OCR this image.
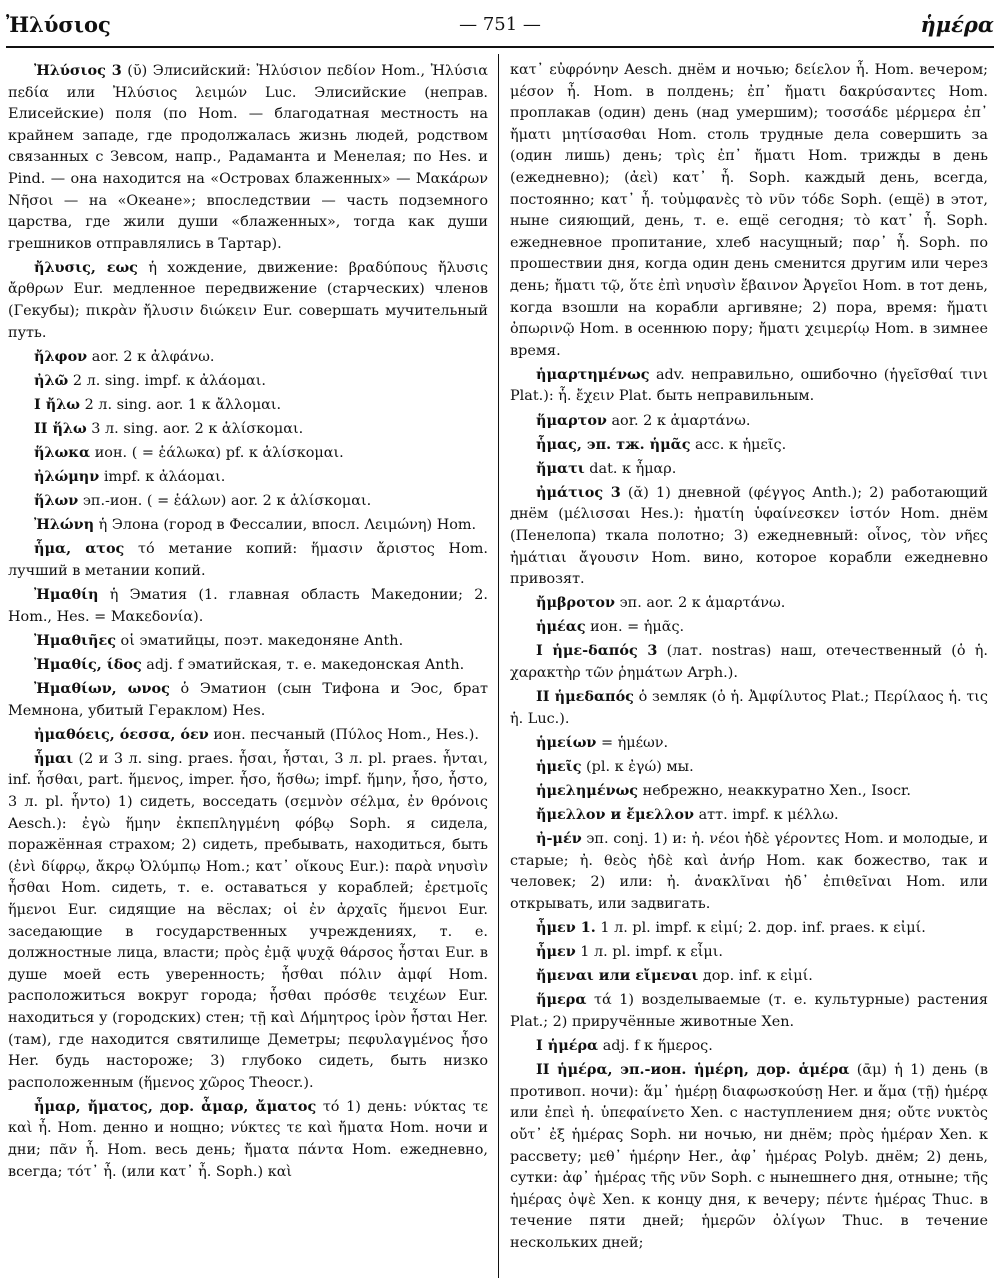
Ἠλύσιος	— 751 —	ἡμέρα

Ἠλύσιος 3 (ῠ) Элисийский: Ἠλύσιον πεδίον Hom., Ἠλύσια πεδία или Ἠλύσιος λειμών Luc. Элисийские (неправ. Елисейские) поля (по Hom. — благодатная местность на крайнем западе, где продолжалась жизнь людей, родством связанных с Зевсом, напр., Радаманта и Менелая; по Hes. и Pind. — она находится на «Островах блаженных» — Μακάρων Νῆσοι — на «Океане»; впоследствии — часть подземного царства, где жили души «блаженных», тогда как души грешников отправлялись в Тартар).

ἤλυσις, εως ἡ хождение, движение: βραδύπους ἤλυσις ἄρθρων Eur. медленное передвижение (старческих) членов (Гекубы); πικρὰν ἤλυσιν διώκειν Eur. совершать мучительный путь.

ἤλφον aor. 2 к ἀλφάνω.

ἠλῶ 2 л. sing. impf. к ἀλάομαι.

I ἤλω 2 л. sing. aor. 1 к ἄλλομαι.

II ἥλω 3 л. sing. aor. 2 к ἁλίσκομαι.

ἥλωκα ион. ( = ἑάλωκα) pf. к ἁλίσκομαι.

ἠλώμην impf. к ἀλάομαι.

ἥλων эп.-ион. ( = ἑάλων) aor. 2 к ἁλίσκομαι.

Ἠλώνη ἡ Элона (город в Фессалии, впосл. Λειμώνη) Hom.

ἧμα, ατος τό метание копий: ἥμασιν ἄριστος Hom. лучший в метании копий.

Ἠμαθίη ἡ Эматия (1. главная область Македонии; 2. Hom., Hes. = Μακεδονία).

Ἠμαθιῆες οἱ эматийцы, поэт. македоняне Anth.

Ἠμαθίς, ίδος adj. f эматийская, т. е. македонская Anth.

Ἠμαθίων, ωνος ὁ Эматион (сын Тифона и Эос, брат Мемнона, убитый Гераклом) Hes.

ἠμαθόεις, όεσσα, όεν ион. песчаный (Πύλος Hom., Hes.).

ἧμαι (2 и 3 л. sing. praes. ἧσαι, ἧσται, 3 л. pl. praes. ἧνται, inf. ἧσθαι, part. ἥμενος, imper. ἧσο, ἥσθω; impf. ἥμην, ἧσο, ἧστο, 3 л. pl. ἧντο) 1) сидеть, восседать (σεμνὸν σέλμα, ἐν θρόνοις Aesch.): ἐγὼ ἥμην ἐκπεπληγμένη φόβῳ Soph. я сидела, поражённая страхом; 2) сидеть, пребывать, находиться, быть (ἐνὶ δίφρῳ, ἄκρῳ Ὀλύμπῳ Hom.; κατ᾽ οἴκους Eur.): παρὰ νηυσὶν ἧσθαι Hom. сидеть, т. е. оставаться у кораблей; ἐρετμοῖς ἥμενοι Eur. сидящие на вёслах; οἱ ἐν ἀρχαῖς ἥμενοι Eur. заседающие в государственных учреждениях, т. е. должностные лица, власти; πρὸς ἐμᾷ ψυχᾷ θάρσος ἧσται Eur. в душе моей есть уверенность; ἧσθαι πόλιν ἀμφί Hom. расположиться вокруг города; ἧσθαι πρόσθε τειχέων Eur. находиться у (городских) стен; τῇ καὶ Δήμητρος ἱρὸν ἧσται Her. (там), где находится святилище Деметры; πεφυλαγμένος ἧσο Her. будь настороже; 3) глубоко сидеть, быть низко расположенным (ἥμενος χῶρος Theocr.).

ἦμαρ, ἤματος, дор. ἆμαρ, ἄματος τό 1) день: νύκτας τε καὶ ἦ. Hom. денно и нощно; νύκτες τε καὶ ἤματα Hom. ночи и дни; πᾶν ἦ. Hom. весь день; ἤματα πάντα Hom. ежедневно, всегда; τότ᾽ ἦ. (или κατ᾽ ἦ. Soph.) καὶ

κατ᾽ εὐφρόνην Aesch. днём и ночью; δείελον ἦ. Hom. вечером; μέσον ἦ. Hom. в полдень; ἐπ᾽ ἤματι δακρύσαντες Hom. проплакав (один) день (над умершим); τοσσάδε μέρμερα ἐπ᾽ ἤματι μητίσασθαι Hom. столь трудные дела совершить за (один лишь) день; τρὶς ἐπ᾽ ἤματι Hom. трижды в день (ежедневно); (ἀεὶ) κατ᾽ ἦ. Soph. каждый день, всегда, постоянно; κατ᾽ ἦ. τοὐμφανὲς τὸ νῦν τόδε Soph. (ещё) в этот, ныне сияющий, день, т. е. ещё сегодня; τὸ κατ᾽ ἦ. Soph. ежедневное пропитание, хлеб насущный; παρ᾽ ἦ. Soph. по прошествии дня, когда один день сменится другим или через день; ἤματι τῷ, ὅτε ἐπὶ νηυσὶν ἔβαινον Ἀργεῖοι Hom. в тот день, когда взошли на корабли аргивяне; 2) пора, время: ἤματι ὀπωρινῷ Hom. в осеннюю пору; ἤματι χειμερίῳ Hom. в зимнее время.

ἡμαρτημένως adv. неправильно, ошибочно (ἡγεῖσθαί τινι Plat.): ἧ. ἔχειν Plat. быть неправильным.

ἥμαρτον aor. 2 к ἁμαρτάνω.

ἧμας, эп. тж. ἡμᾶς acc. к ἡμεῖς.

ἤματι dat. к ἦμαρ.

ἠμάτιος 3 (ᾰ) 1) дневной (φέγγος Anth.); 2) работающий днём (μέλισσαι Hes.): ἠματίη ὑφαίνεσκεν ἱστόν Hom. днём (Пенелопа) ткала полотно; 3) ежедневный: οἶνος, τὸν νῆες ἠμάτιαι ἄγουσιν Hom. вино, которое корабли ежедневно привозят.

ἤμβροτον эп. aor. 2 к ἁμαρτάνω.

ἡμέας ион. = ἡμᾶς.

I ἡμε-δαπός 3 (лат. nostras) наш, отечественный (ὁ ἡ. χαρακτὴρ τῶν ῥημάτων Arph.).

II ἡμεδαπός ὁ земляк (ὁ ἡ. Ἀμφίλυτος Plat.; Περίλαος ἡ. τις ἡ. Luc.).

ἡμείων = ἡμέων.

ἡμεῖς (pl. к ἐγώ) мы.

ἡμελημένως небрежно, неаккуратно Xen., Isocr.

ἤμελλον и ἔμελλον атт. impf. к μέλλω.

ἠ-μέν эп. conj. 1) и: ἠ. νέοι ἠδὲ γέροντες Hom. и молодые, и старые; ἠ. θεὸς ἠδὲ καὶ ἀνήρ Hom. как божество, так и человек; 2) или: ἠ. ἀνακλῖναι ἠδ᾽ ἐπιθεῖναι Hom. или открывать, или задвигать.

ἦμεν 1. 1 л. pl. impf. к εἰμί; 2. дор. inf. praes. к εἰμί.

ἦμεν 1 л. pl. impf. к εἶμι.

ἤμεναι или εἴμεναι дор. inf. к εἰμί.

ἥμερα τά 1) возделываемые (т. е. культурные) растения Plat.; 2) приручённые животные Xen.

I ἡμέρα adj. f к ἥμερος.

II ἡμέρα, эп.-ион. ἡμέρη, дор. ἁμέρα (ᾱμ) ἡ 1) день (в противоп. ночи): ἅμ᾽ ἡμέρῃ διαφωσκούσῃ Her. и ἅμα (τῇ) ἡμέρᾳ или ἐπεὶ ἡ. ὑπεφαίνετο Xen. с наступлением дня; οὔτε νυκτὸς οὔτ᾽ ἐξ ἡμέρας Soph. ни ночью, ни днём; πρὸς ἡμέραν Xen. к рассвету; μεθ᾽ ἡμέρην Her., ἀφ᾽ ἡμέρας Polyb. днём; 2) день, сутки: ἀφ᾽ ἡμέρας τῆς νῦν Soph. с нынешнего дня, отныне; τῆς ἡμέρας ὀψὲ Xen. к концу дня, к вечеру; πέντε ἡμέρας Thuc. в течение пяти дней; ἡμερῶν ὀλίγων Thuc. в течение нескольких дней;
